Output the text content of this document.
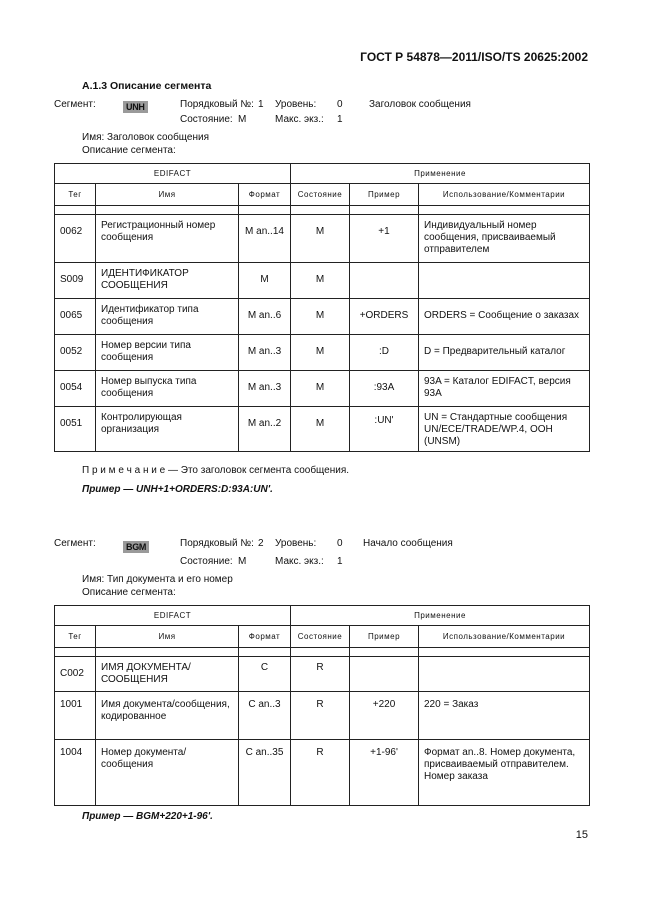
ГОСТ Р 54878—2011/ISO/TS 20625:2002
A.1.3 Описание сегмента
Сегмент:	UNH	Порядковый №: 1 Уровень: 0	Заголовок сообщения
Состояние: M	Макс. экз.: 1
Имя: Заголовок сообщения
Описание сегмента:
EDIFACT			Применение		
Тег	Имя	Формат	Состояние	Пример	Использование/Комментарии

0062	Регистрационный номер сообщения	M an..14	M	+1	Индивидуальный номер сообщения, присваиваемый отправителем
S009	ИДЕНТИФИКАТОР СООБЩЕНИЯ	M	M		
0065	Идентификатор типа сообщения	M an..6	M	+ORDERS	ORDERS = Сообщение о заказах
0052	Номер версии типа сообщения	M an..3	M	:D	D = Предварительный каталог
0054	Номер выпуска типа сообщения	M an..3	M	:93A	93A = Каталог EDIFACT, версия 93A
0051	Контролирующая организация	M an..2	M	:UN'	UN = Стандартные сообщения UN/ECE/TRADE/WP.4, OOH (UNSM)
П р и м е ч а н и е — Это заголовок сегмента сообщения.
Пример — UNH+1+ORDERS:D:93A:UN'.
Сегмент:	BGM	Порядковый №: 2 Уровень: 0 Начало сообщения
Состояние: M	Макс. экз.: 1
Имя: Тип документа и его номер
Описание сегмента:
EDIFACT			Применение		
Тег	Имя	Формат	Состояние	Пример	Использование/Комментарии

C002	ИМЯ ДОКУМЕНТА/СООБЩЕНИЯ	C	R		
1001	Имя документа/сообщения, кодированное	C an..3	R	+220	220 = Заказ
1004	Номер документа/сообщения	C an..35	R	+1-96'	Формат an..8. Номер документа, присваиваемый отправителем. Номер заказа
Пример — BGM+220+1-96'.
15
